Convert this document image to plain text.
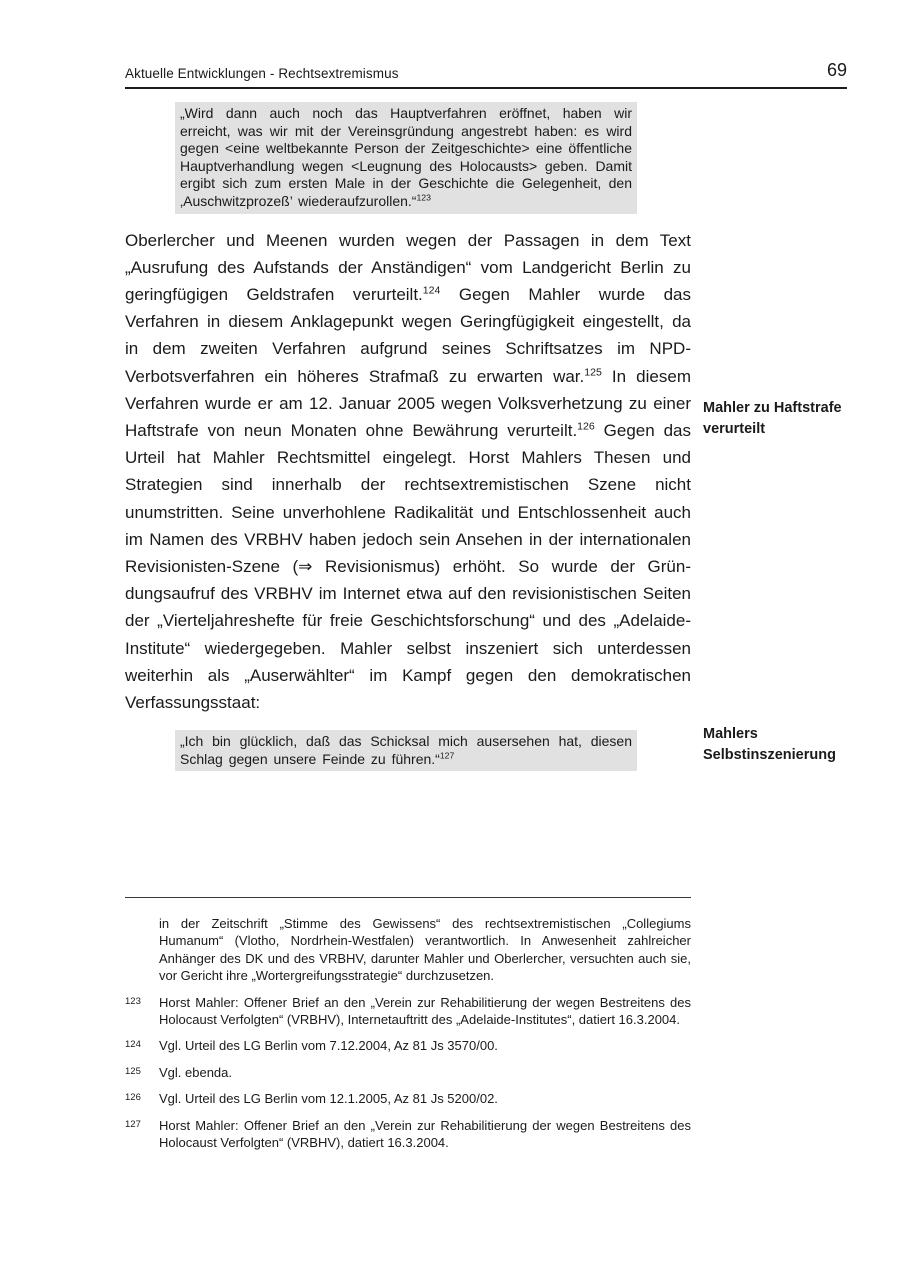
Aktuelle Entwicklungen - Rechtsextremismus	69
„Wird dann auch noch das Hauptverfahren eröffnet, haben wir erreicht, was wir mit der Vereinsgründung angestrebt haben: es wird gegen <eine weltbekannte Person der Zeitgeschichte> eine öffentliche Hauptverhandlung wegen <Leugnung des Holocausts> geben. Damit ergibt sich zum ersten Male in der Geschichte die Gelegenheit, den ‚Auschwitzprozeß’ wiederaufzurollen.“$^{123}$

Oberlercher und Meenen wurden wegen der Passagen in dem Text „Ausrufung des Aufstands der Anständigen“ vom Landgericht Berlin zu geringfügigen Geldstrafen verurteilt.$^{124}$ Gegen Mahler wurde das Verfahren in diesem Anklagepunkt wegen Geringfügigkeit eingestellt, da in dem zweiten Verfahren aufgrund seines Schriftsatzes im NPD-Verbotsverfahren ein höheres Strafmaß zu erwarten war.$^{125}$ In diesem Verfahren wurde er am 12. Januar 2005 wegen Volksverhetzung zu einer Haftstrafe von neun Monaten ohne Bewährung verurteilt.$^{126}$ Gegen das Urteil hat Mahler Rechtsmittel eingelegt. Horst Mahlers Thesen und Strategien sind innerhalb der rechtsextremistischen Szene nicht unumstritten. Seine unverhohlene Radikalität und Entschlossenheit auch im Namen des VRBHV haben jedoch sein Ansehen in der internationalen Revisionisten-Szene (⇒ Revisionismus) erhöht. So wurde der Gründungsaufruf des VRBHV im Internet etwa auf den revisionistischen Seiten der „Vierteljahreshefte für freie Geschichtsforschung“ und des „Adelaide-Institute“ wiedergegeben. Mahler selbst inszeniert sich unterdessen weiterhin als „Auserwählter“ im Kampf gegen den demokratischen Verfassungsstaat:

„Ich bin glücklich, daß das Schicksal mich ausersehen hat, diesen Schlag gegen unsere Feinde zu führen.“$^{127}$
Mahler zu Haftstrafe verurteilt
Mahlers Selbstinszenierung
in der Zeitschrift „Stimme des Gewissens“ des rechtsextremistischen „Collegiums Humanum“ (Vlotho, Nordrhein-Westfalen) verantwortlich. In Anwesenheit zahlreicher Anhänger des DK und des VRBHV, darunter Mahler und Oberlercher, versuchten auch sie, vor Gericht ihre „Wortergreifungsstrategie“ durchzusetzen.
123	Horst Mahler: Offener Brief an den „Verein zur Rehabilitierung der wegen Bestreitens des Holocaust Verfolgten“ (VRBHV), Internetauftritt des „Adelaide-Institutes“, datiert 16.3.2004.
124	Vgl. Urteil des LG Berlin vom 7.12.2004, Az 81 Js 3570/00.
125	Vgl. ebenda.
126	Vgl. Urteil des LG Berlin vom 12.1.2005, Az 81 Js 5200/02.
127	Horst Mahler: Offener Brief an den „Verein zur Rehabilitierung der wegen Bestreitens des Holocaust Verfolgten“ (VRBHV), datiert 16.3.2004.
